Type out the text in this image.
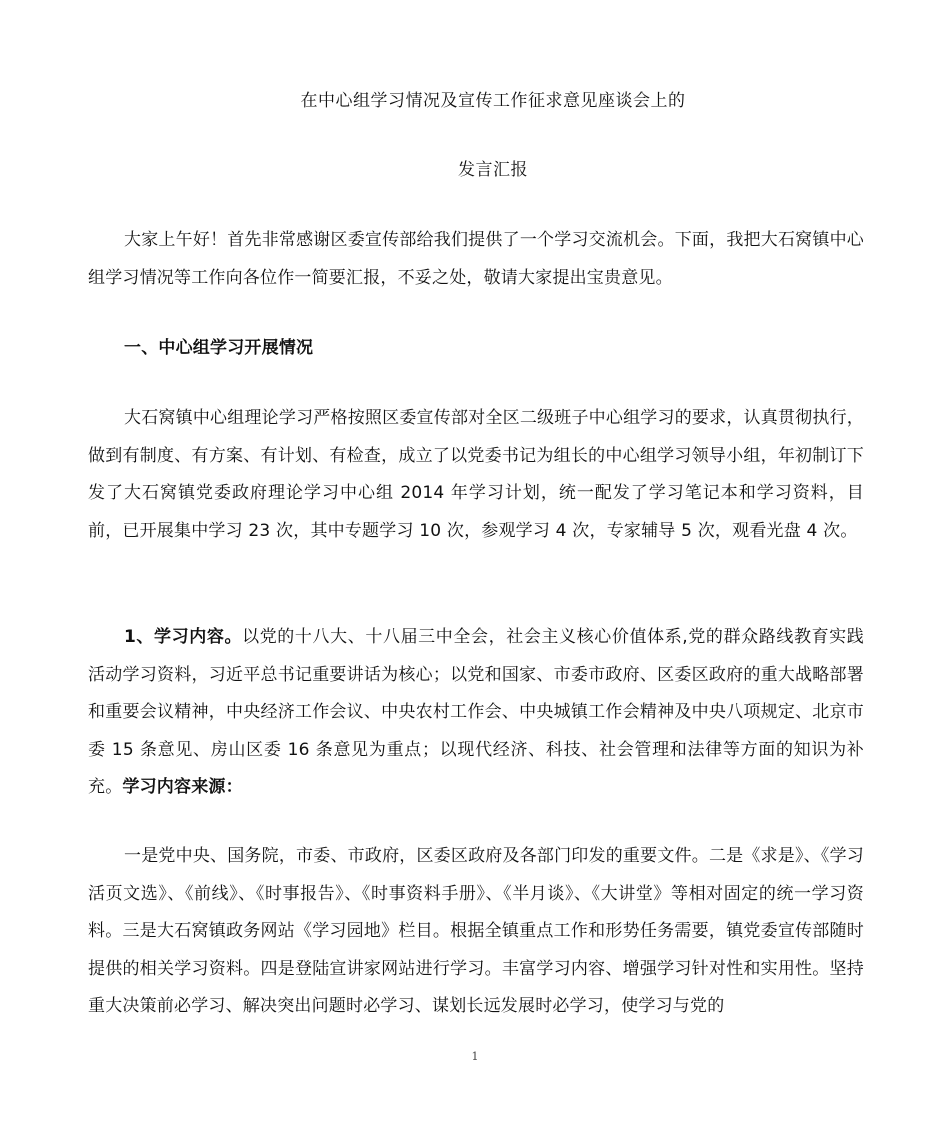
在中心组学习情况及宣传工作征求意见座谈会上的
发言汇报

大家上午好！首先非常感谢区委宣传部给我们提供了一个学习交流机会。下面，我把大石窝镇中心组学习情况等工作向各位作一简要汇报，不妥之处，敬请大家提出宝贵意见。

一、中心组学习开展情况

大石窝镇中心组理论学习严格按照区委宣传部对全区二级班子中心组学习的要求，认真贯彻执行，做到有制度、有方案、有计划、有检查，成立了以党委书记为组长的中心组学习领导小组，年初制订下发了大石窝镇党委政府理论学习中心组 2014 年学习计划，统一配发了学习笔记本和学习资料，目前，已开展集中学习 23 次，其中专题学习 10 次，参观学习 4 次，专家辅导 5 次，观看光盘 4 次。

1、学习内容。以党的十八大、十八届三中全会，社会主义核心价值体系,党的群众路线教育实践活动学习资料，习近平总书记重要讲话为核心；以党和国家、市委市政府、区委区政府的重大战略部署和重要会议精神，中央经济工作会议、中央农村工作会、中央城镇工作会精神及中央八项规定、北京市委 15 条意见、房山区委 16 条意见为重点；以现代经济、科技、社会管理和法律等方面的知识为补充。学习内容来源：

一是党中央、国务院，市委、市政府，区委区政府及各部门印发的重要文件。二是《求是》、《学习活页文选》、《前线》、《时事报告》、《时事资料手册》、《半月谈》、《大讲堂》等相对固定的统一学习资料。三是大石窝镇政务网站《学习园地》栏目。根据全镇重点工作和形势任务需要，镇党委宣传部随时提供的相关学习资料。四是登陆宣讲家网站进行学习。丰富学习内容、增强学习针对性和实用性。坚持重大决策前必学习、解决突出问题时必学习、谋划长远发展时必学习，使学习与党的

1
